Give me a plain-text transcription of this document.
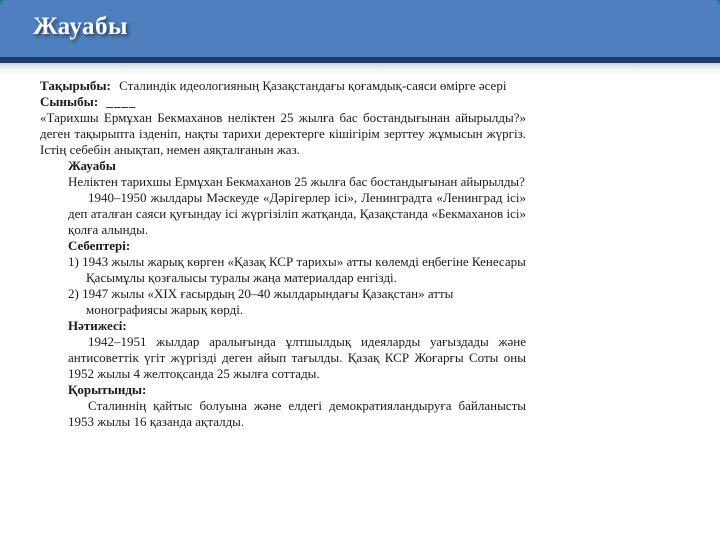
Жауабы

Тақырыбы: Сталиндік идеологияның Қазақстандағы қоғамдық-саяси өмірге әсері

Сыныбы: ____

«Тарихшы Ермұхан Бекмаханов неліктен 25 жылға бас бостандығынан айырылды?» деген тақырыпта ізденіп, нақты тарихи деректерге кішігірім зерттеу жұмысын жүргіз. Істің себебін анықтап, немен аяқталғанын жаз.

Жауабы

Неліктен тарихшы Ермұхан Бекмаханов 25 жылға бас бостандығынан айырылды?

1940–1950 жылдары Мәскеуде «Дәрігерлер ісі», Ленинградта «Ленинград ісі» деп аталған саяси қуғындау ісі жүргізіліп жатқанда, Қазақстанда «Бекмаханов ісі» қолға алынды.

Себептері:

1) 1943 жылы жарық көрген «Қазақ КСР тарихы» атты көлемді еңбегіне Кенесары Қасымұлы қозғалысы туралы жаңа материалдар енгізді.

2) 1947 жылы «XIX ғасырдың 20–40 жылдарындағы Қазақстан» атты монографиясы жарық көрді.

Нәтижесі:

1942–1951 жылдар аралығында ұлтшылдық идеяларды уағыздады және антисоветтік үгіт жүргізді деген айып тағылды. Қазақ КСР Жоғарғы Соты оны 1952 жылы 4 желтоқсанда 25 жылға соттады.

Қорытынды:

Сталиннің қайтыс болуына және елдегі демократияландыруға байланысты 1953 жылы 16 қазанда ақталды.
